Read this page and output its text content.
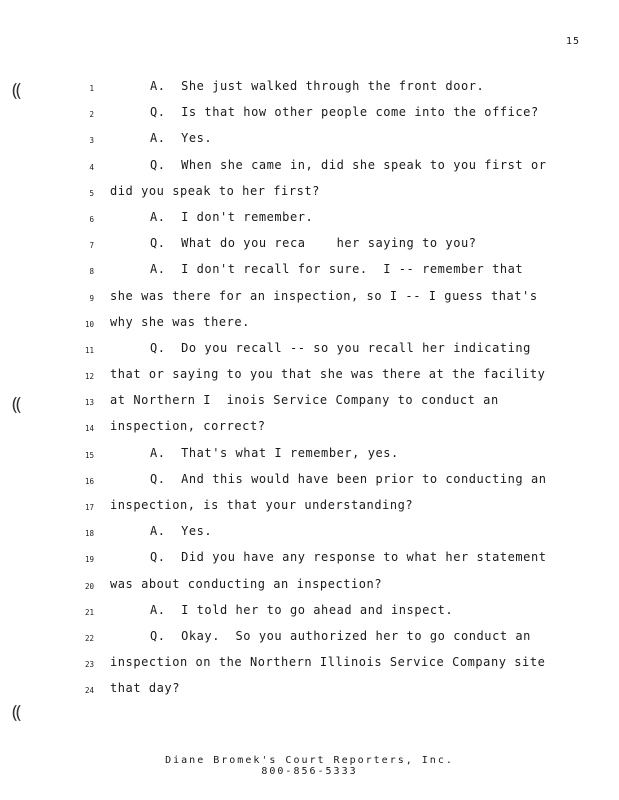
15
⸨
⸨
⸨
1	A.  She just walked through the front door.
2	Q.  Is that how other people come into the office?
3	A.  Yes.
4	Q.  When she came in, did she speak to you first or
5 did you speak to her first?
6	A.  I don't remember.
7	Q.  What do you reca    her saying to you?
8	A.  I don't recall for sure.  I -- remember that
9 she was there for an inspection, so I -- I guess that's
10 why she was there.
11	Q.  Do you recall -- so you recall her indicating
12 that or saying to you that she was there at the facility
13 at Northern I  inois Service Company to conduct an
14 inspection, correct?
15	A.  That's what I remember, yes.
16	Q.  And this would have been prior to conducting an
17 inspection, is that your understanding?
18	A.  Yes.
19	Q.  Did you have any response to what her statement
20 was about conducting an inspection?
21	A.  I told her to go ahead and inspect.
22	Q.  Okay.  So you authorized her to go conduct an
23 inspection on the Northern Illinois Service Company site
24 that day?
Diane Bromek's Court Reporters, Inc.
800-856-5333
